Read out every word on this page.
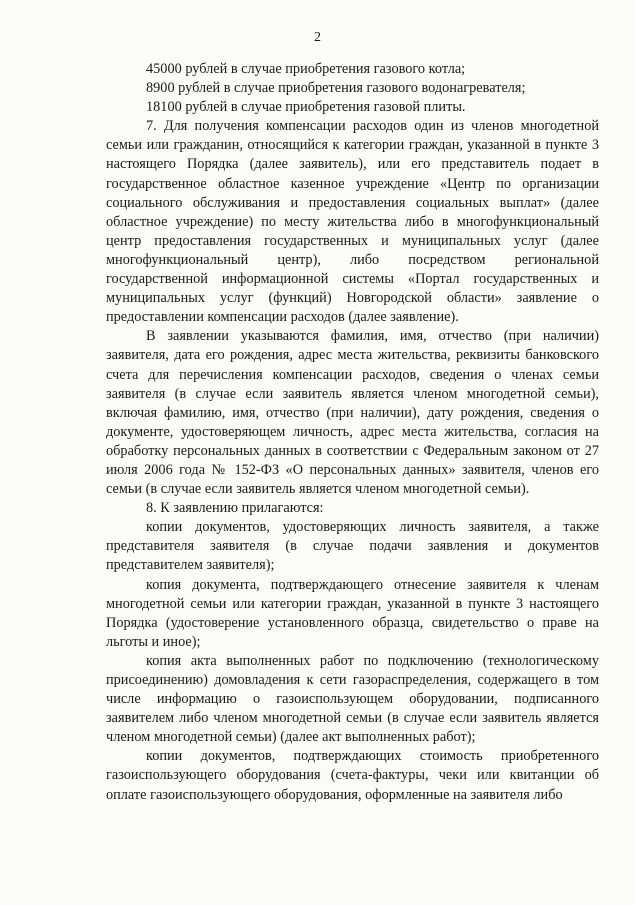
2

45000 рублей в случае приобретения газового котла;

8900 рублей в случае приобретения газового водонагревателя;

18100 рублей в случае приобретения газовой плиты.

7. Для получения компенсации расходов один из членов многодетной семьи или гражданин, относящийся к категории граждан, указанной в пункте 3 настоящего Порядка (далее заявитель), или его представитель подает в государственное областное казенное учреждение «Центр по организации социального обслуживания и предоставления социальных выплат» (далее областное учреждение) по месту жительства либо в многофункциональный центр предоставления государственных и муниципальных услуг (далее многофункциональный центр), либо посредством региональной государственной информационной системы «Портал государственных и муниципальных услуг (функций) Новгородской области» заявление о предоставлении компенсации расходов (далее заявление).

В заявлении указываются фамилия, имя, отчество (при наличии) заявителя, дата его рождения, адрес места жительства, реквизиты банковского счета для перечисления компенсации расходов, сведения о членах семьи заявителя (в случае если заявитель является членом многодетной семьи), включая фамилию, имя, отчество (при наличии), дату рождения, сведения о документе, удостоверяющем личность, адрес места жительства, согласия на обработку персональных данных в соответствии с Федеральным законом от 27 июля 2006 года № 152-ФЗ «О персональных данных» заявителя, членов его семьи (в случае если заявитель является членом многодетной семьи).

8. К заявлению прилагаются:

копии документов, удостоверяющих личность заявителя, а также представителя заявителя (в случае подачи заявления и документов представителем заявителя);

копия документа, подтверждающего отнесение заявителя к членам многодетной семьи или категории граждан, указанной в пункте 3 настоящего Порядка (удостоверение установленного образца, свидетельство о праве на льготы и иное);

копия акта выполненных работ по подключению (технологическому присоединению) домовладения к сети газораспределения, содержащего в том числе информацию о газоиспользующем оборудовании, подписанного заявителем либо членом многодетной семьи (в случае если заявитель является членом многодетной семьи) (далее акт выполненных работ);

копии документов, подтверждающих стоимость приобретенного газоиспользующего оборудования (счета-фактуры, чеки или квитанции об оплате газоиспользующего оборудования, оформленные на заявителя либо
